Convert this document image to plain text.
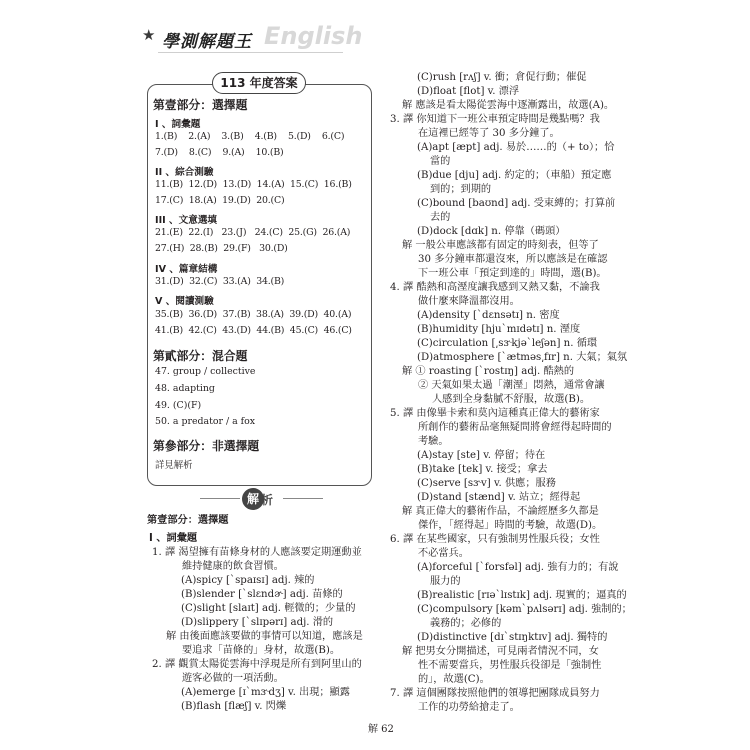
★ 學測解題王 English
113 年度答案
第壹部分：選擇題
I 、詞彙題
1.(B)    2.(A)    3.(B)    4.(B)    5.(D)    6.(C)
7.(D)    8.(C)    9.(A)    10.(B)
II 、綜合測驗
11.(B)  12.(D)  13.(D)  14.(A)  15.(C)  16.(B)
17.(C)  18.(A)  19.(D)  20.(C)
III 、文意選填
21.(E)  22.(I)   23.(J)   24.(C)  25.(G)  26.(A)
27.(H)  28.(B)  29.(F)   30.(D)
IV 、篇章結構
31.(D)  32.(C)  33.(A)  34.(B)
V 、閱讀測驗
35.(B)  36.(D)  37.(B)  38.(A)  39.(D)  40.(A)
41.(B)  42.(C)  43.(D)  44.(B)  45.(C)  46.(C)
第貳部分：混合題
47. group / collective
48. adapting
49. (C)(F)
50. a predator / a fox
第參部分：非選擇題
詳見解析
解 析
第壹部分：選擇題
I 、詞彙題
1. 譯 渴望擁有苗條身材的人應該要定期運動並
維持健康的飲食習慣。
(A)spicy [ˋspaɪsɪ] adj. 辣的
(B)slender [ˋslɛndɚ] adj. 苗條的
(C)slight [slaɪt] adj. 輕微的；少量的
(D)slippery [ˋslɪpərɪ] adj. 滑的
解 由後面應該要做的事情可以知道，應該是
要追求「苗條的」身材，故選(B)。
2. 譯 觀賞太陽從雲海中浮現是所有到阿里山的
遊客必做的一項活動。
(A)emerge [ɪˋmɝdʒ] v. 出現；顯露
(B)flash [flæʃ] v. 閃爍
(C)rush [rʌʃ] v. 衝；倉促行動；催促
(D)float [flot] v. 漂浮
解 應該是看太陽從雲海中逐漸露出，故選(A)。
3. 譯 你知道下一班公車預定時間是幾點嗎？我
在這裡已經等了 30 多分鐘了。
(A)apt [æpt] adj. 易於……的（+ to）；恰
當的
(B)due [dju] adj. 約定的；（車船）預定應
到的；到期的
(C)bound [baʊnd] adj. 受束縛的；打算前
去的
(D)dock [dɑk] n. 停靠（碼頭）
解 一般公車應該都有固定的時刻表，但等了
30 多分鐘車都還沒來，所以應該是在確認
下一班公車「預定到達的」時間，選(B)。
4. 譯 酷熱和高溼度讓我感到又熱又黏，不論我
做什麼來降溫都沒用。
(A)density [ˋdɛnsətɪ] n. 密度
(B)humidity [hjuˋmɪdətɪ] n. 溼度
(C)circulation [͵sɝkjəˋleʃən] n. 循環
(D)atmosphere [ˋætməs͵fɪr] n. 大氣；氣氛
解 ① roasting [ˋrostɪŋ] adj. 酷熱的
② 天氣如果太過「潮溼」悶熱，通常會讓
人感到全身黏膩不舒服，故選(B)。
5. 譯 由像畢卡索和莫內這種真正偉大的藝術家
所創作的藝術品毫無疑問將會經得起時間的
考驗。
(A)stay [ste] v. 停留；待在
(B)take [tek] v. 接受；拿去
(C)serve [sɝv] v. 供應；服務
(D)stand [stænd] v. 站立；經得起
解 真正偉大的藝術作品，不論經歷多久都是
傑作，「經得起」時間的考驗，故選(D)。
6. 譯 在某些國家，只有強制男性服兵役；女性
不必當兵。
(A)forceful [ˋforsfəl] adj. 強有力的；有說
服力的
(B)realistic [rɪəˋlɪstɪk] adj. 現實的；逼真的
(C)compulsory [kəmˋpʌlsərɪ] adj. 強制的；
義務的；必修的
(D)distinctive [dɪˋstɪŋktɪv] adj. 獨特的
解 把男女分開描述，可見兩者情況不同，女
性不需要當兵，男性服兵役卻是「強制性
的」，故選(C)。
7. 譯 這個團隊按照他們的領導把團隊成員努力
工作的功勞給搶走了。
解 62
